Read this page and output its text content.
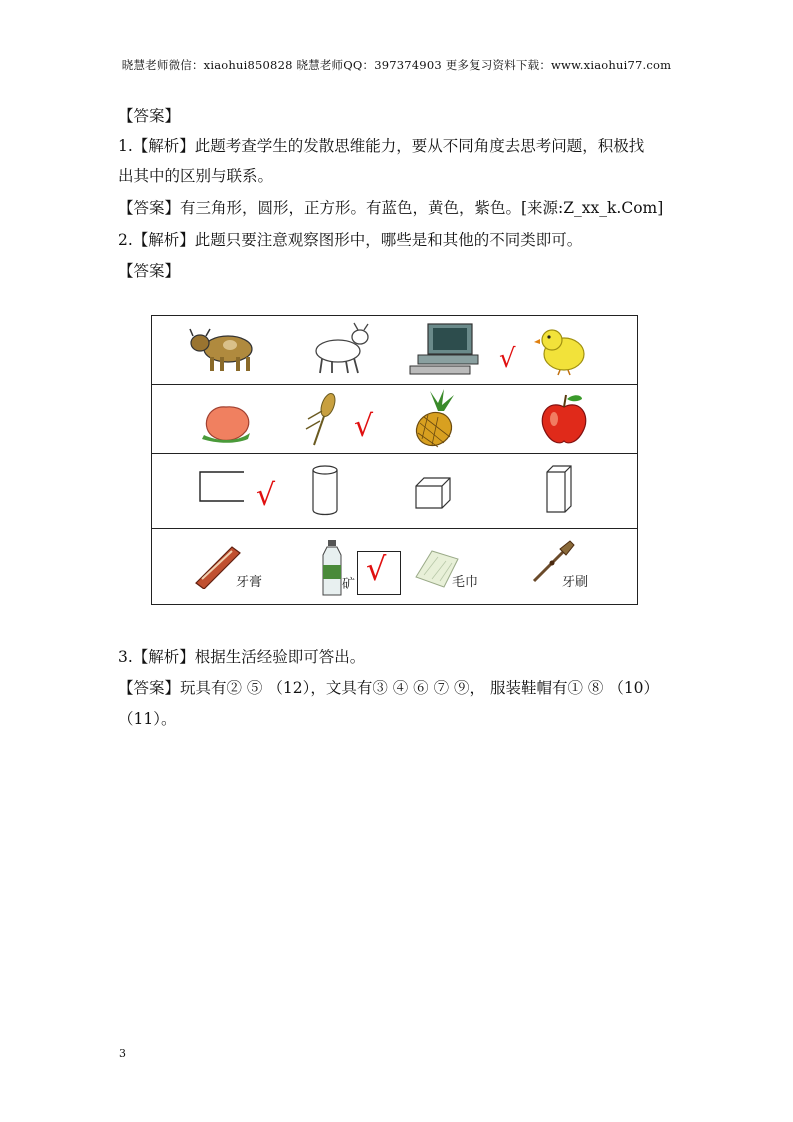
晓慧老师微信：xiaohui850828 晓慧老师QQ：397374903 更多复习资料下载：www.xiaohui77.com
【答案】
1.【解析】此题考查学生的发散思维能力，要从不同角度去思考问题，积极找
出其中的区别与联系。
【答案】有三角形，圆形，正方形。有蓝色，黄色，紫色。[来源:Z_xx_k.Com]
2.【解析】此题只要注意观察图形中，哪些是和其他的不同类即可。
【答案】
√
√
√
牙膏	矿 √	毛巾	牙刷
3.【解析】根据生活经验即可答出。
【答案】玩具有② ⑤ （12），文具有③ ④ ⑥ ⑦ ⑨， 服装鞋帽有① ⑧ （10）
（11）。
3
